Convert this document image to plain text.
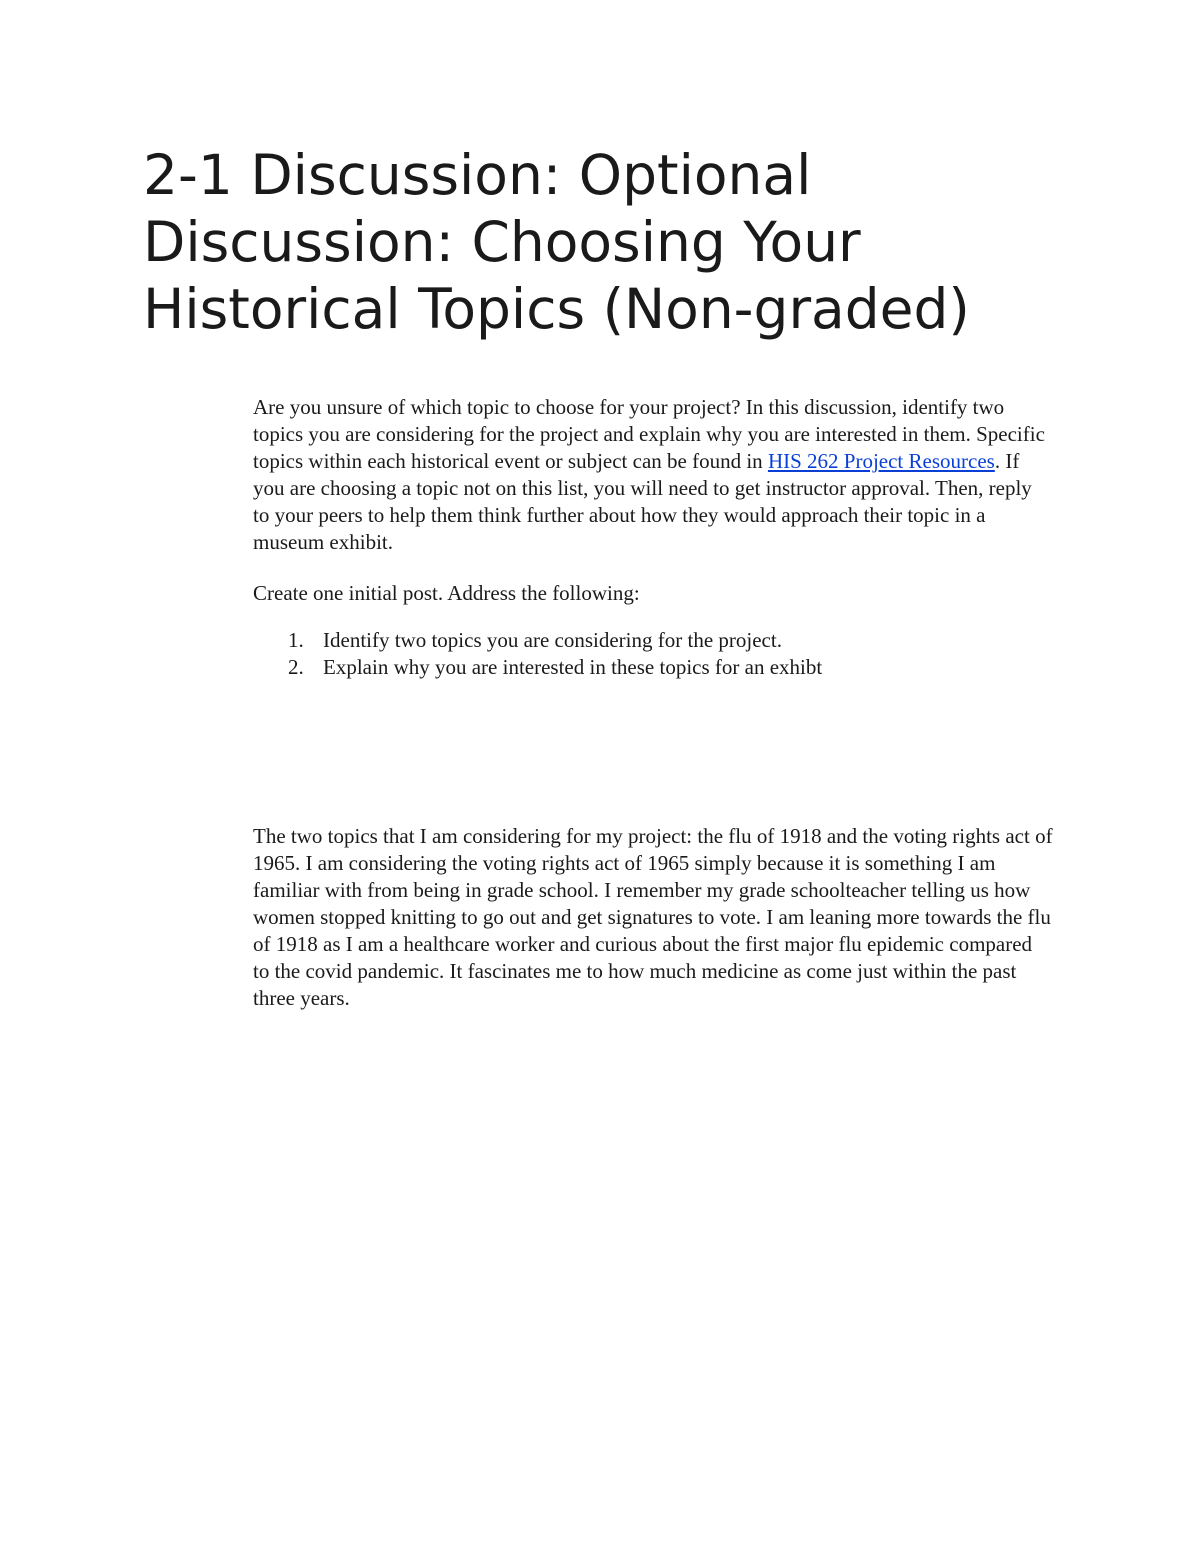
2-1 Discussion: Optional Discussion: Choosing Your Historical Topics (Non-graded)

Are you unsure of which topic to choose for your project? In this discussion, identify two topics you are considering for the project and explain why you are interested in them. Specific topics within each historical event or subject can be found in HIS 262 Project Resources. If you are choosing a topic not on this list, you will need to get instructor approval. Then, reply to your peers to help them think further about how they would approach their topic in a museum exhibit.

Create one initial post. Address the following:

1. Identify two topics you are considering for the project.
2. Explain why you are interested in these topics for an exhibt

The two topics that I am considering for my project: the flu of 1918 and the voting rights act of 1965. I am considering the voting rights act of 1965 simply because it is something I am familiar with from being in grade school. I remember my grade schoolteacher telling us how women stopped knitting to go out and get signatures to vote. I am leaning more towards the flu of 1918 as I am a healthcare worker and curious about the first major flu epidemic compared to the covid pandemic. It fascinates me to how much medicine as come just within the past three years.
